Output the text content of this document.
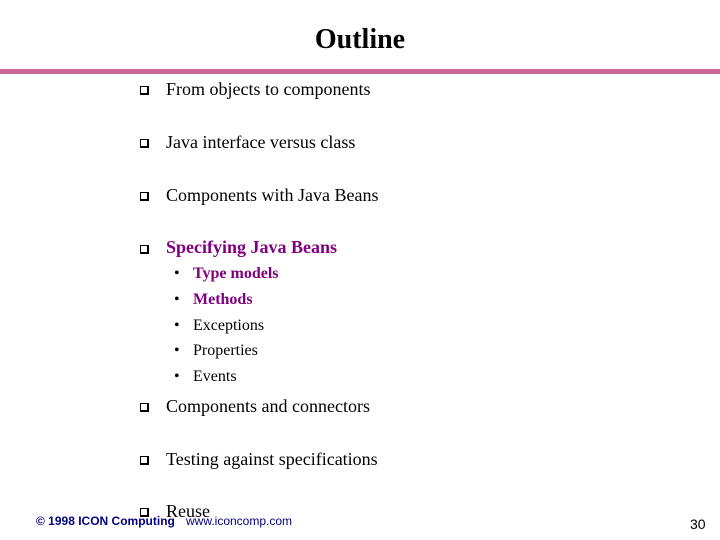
Outline
From objects to components
Java interface versus class
Components with Java Beans
Specifying Java Beans
• Type models
• Methods
• Exceptions
• Properties
• Events
Components and connectors
Testing against specifications
Reuse
© 1998 ICON Computing www.iconcomp.com	30
